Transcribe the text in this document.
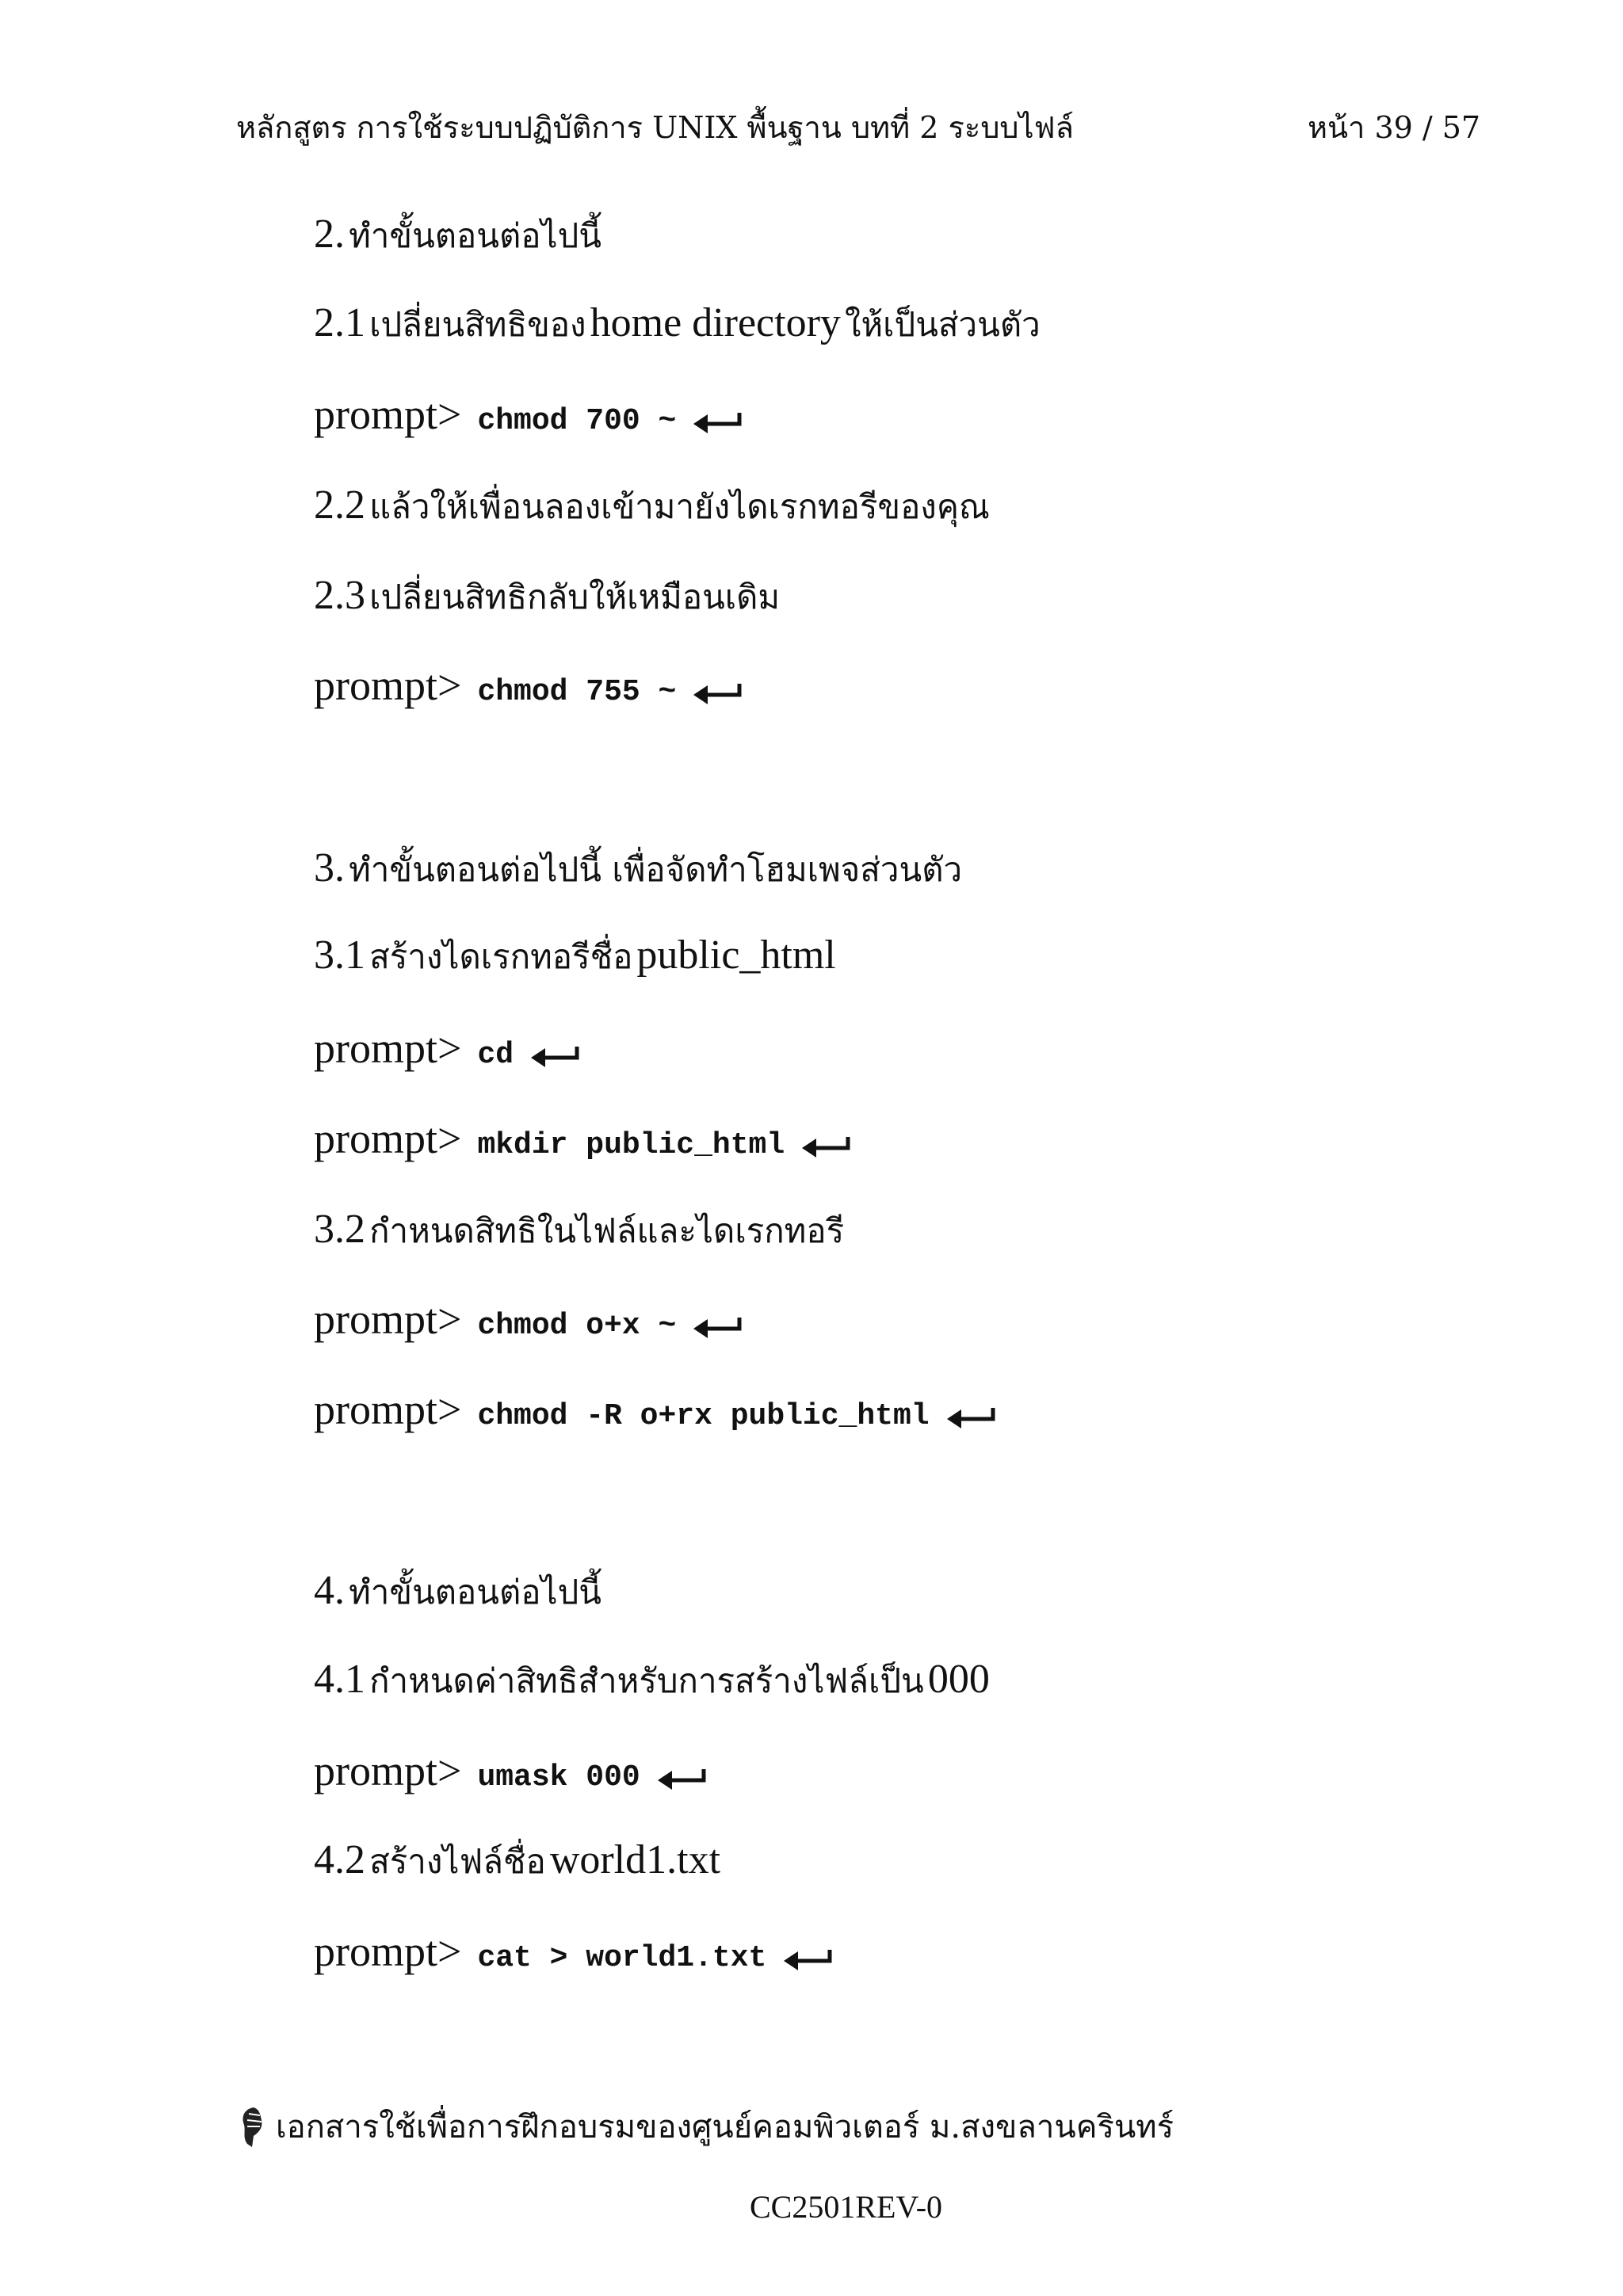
หลักสูตร การใช้ระบบปฏิบัติการ UNIX พื้นฐาน บทที่ 2 ระบบไฟล์	หน้า 39 / 57
2. ทำขั้นตอนต่อไปนี้
2.1 เปลี่ยนสิทธิของ home directory ให้เป็นส่วนตัว
prompt> chmod 700 ~
2.2 แล้วให้เพื่อนลองเข้ามายังไดเรกทอรีของคุณ
2.3 เปลี่ยนสิทธิกลับให้เหมือนเดิม
prompt> chmod 755 ~
3. ทำขั้นตอนต่อไปนี้ เพื่อจัดทำโฮมเพจส่วนตัว
3.1 สร้างไดเรกทอรีชื่อ public_html
prompt> cd
prompt> mkdir public_html
3.2 กำหนดสิทธิในไฟล์และไดเรกทอรี
prompt> chmod o+x ~
prompt> chmod -R o+rx public_html
4. ทำขั้นตอนต่อไปนี้
4.1 กำหนดค่าสิทธิสำหรับการสร้างไฟล์เป็น 000
prompt> umask 000
4.2 สร้างไฟล์ชื่อ world1.txt
prompt> cat > world1.txt
เอกสารใช้เพื่อการฝึกอบรมของศูนย์คอมพิวเตอร์ ม.สงขลานครินทร์
CC2501REV-0
